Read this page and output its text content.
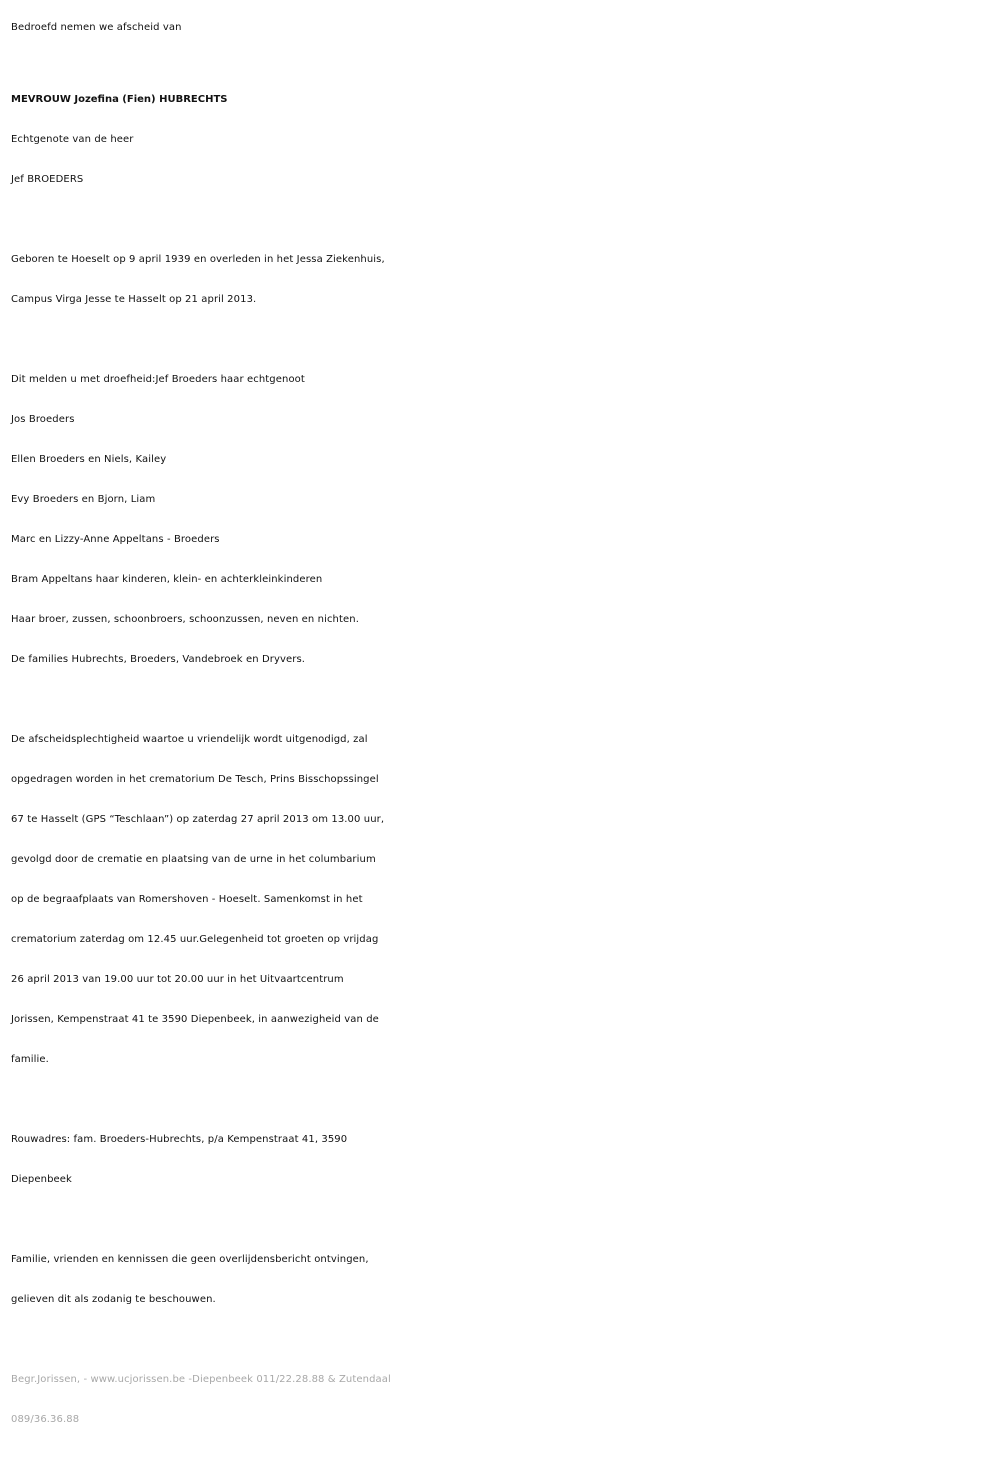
Bedroefd nemen we afscheid van
MEVROUW Jozefina (Fien) HUBRECHTS
Echtgenote van de heer
Jef BROEDERS
Geboren te Hoeselt op 9 april 1939 en overleden in het Jessa Ziekenhuis,
Campus Virga Jesse te Hasselt op 21 april 2013.
Dit melden u met droefheid:Jef Broeders haar echtgenoot
Jos Broeders
Ellen Broeders en Niels, Kailey
Evy Broeders en Bjorn, Liam
Marc en Lizzy-Anne Appeltans - Broeders
Bram Appeltans haar kinderen, klein- en achterkleinkinderen
Haar broer, zussen, schoonbroers, schoonzussen, neven en nichten.
De families Hubrechts, Broeders, Vandebroek en Dryvers.
De afscheidsplechtigheid waartoe u vriendelijk wordt uitgenodigd, zal
opgedragen worden in het crematorium De Tesch, Prins Bisschopssingel
67 te Hasselt (GPS “Teschlaan”) op zaterdag 27 april 2013 om 13.00 uur,
gevolgd door de crematie en plaatsing van de urne in het columbarium
op de begraafplaats van Romershoven - Hoeselt. Samenkomst in het
crematorium zaterdag om 12.45 uur.Gelegenheid tot groeten op vrijdag
26 april 2013 van 19.00 uur tot 20.00 uur in het Uitvaartcentrum
Jorissen, Kempenstraat 41 te 3590 Diepenbeek, in aanwezigheid van de
familie.
Rouwadres: fam. Broeders-Hubrechts, p/a Kempenstraat 41, 3590
Diepenbeek
Familie, vrienden en kennissen die geen overlijdensbericht ontvingen,
gelieven dit als zodanig te beschouwen.
Begr.Jorissen, - www.ucjorissen.be -Diepenbeek 011/22.28.88 & Zutendaal
089/36.36.88
